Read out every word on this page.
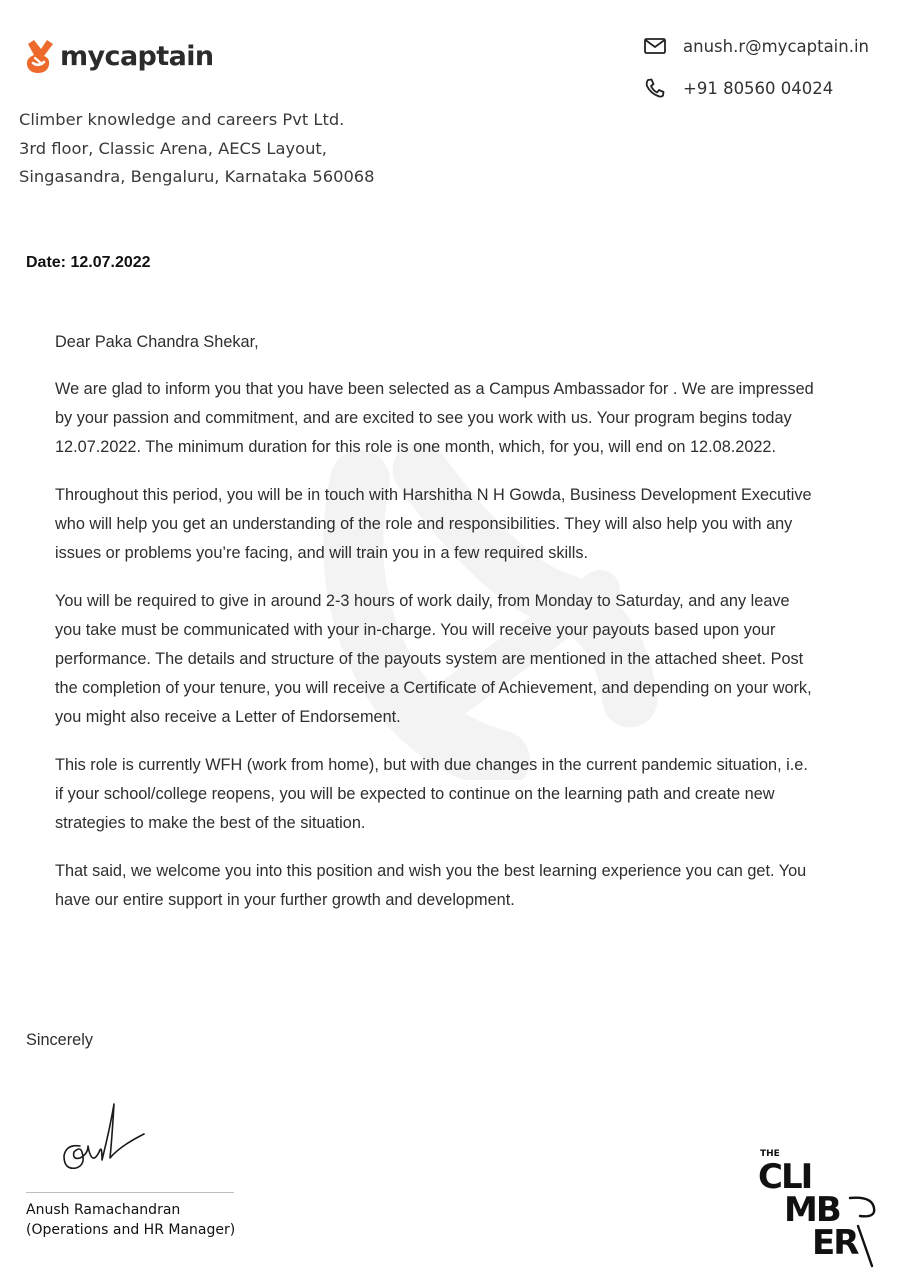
mycaptain	anush.r@mycaptain.in
+91 80560 04024
Climber knowledge and careers Pvt Ltd.
3rd floor, Classic Arena, AECS Layout,
Singasandra, Bengaluru, Karnataka 560068
Date: 12.07.2022

Dear Paka Chandra Shekar,

We are glad to inform you that you have been selected as a Campus Ambassador for . We are impressed by your passion and commitment, and are excited to see you work with us. Your program begins today 12.07.2022. The minimum duration for this role is one month, which, for you, will end on 12.08.2022.

Throughout this period, you will be in touch with Harshitha N H Gowda, Business Development Executive who will help you get an understanding of the role and responsibilities. They will also help you with any issues or problems you’re facing, and will train you in a few required skills.

You will be required to give in around 2-3 hours of work daily, from Monday to Saturday, and any leave you take must be communicated with your in-charge. You will receive your payouts based upon your performance. The details and structure of the payouts system are mentioned in the attached sheet. Post the completion of your tenure, you will receive a Certificate of Achievement, and depending on your work, you might also receive a Letter of Endorsement.

This role is currently WFH (work from home), but with due changes in the current pandemic situation, i.e. if your school/college reopens, you will be expected to continue on the learning path and create new strategies to make the best of the situation.

That said, we welcome you into this position and wish you the best learning experience you can get. You have our entire support in your further growth and development.

Sincerely
Anush Ramachandran
(Operations and HR Manager)
THE
CLI
MB
ER
